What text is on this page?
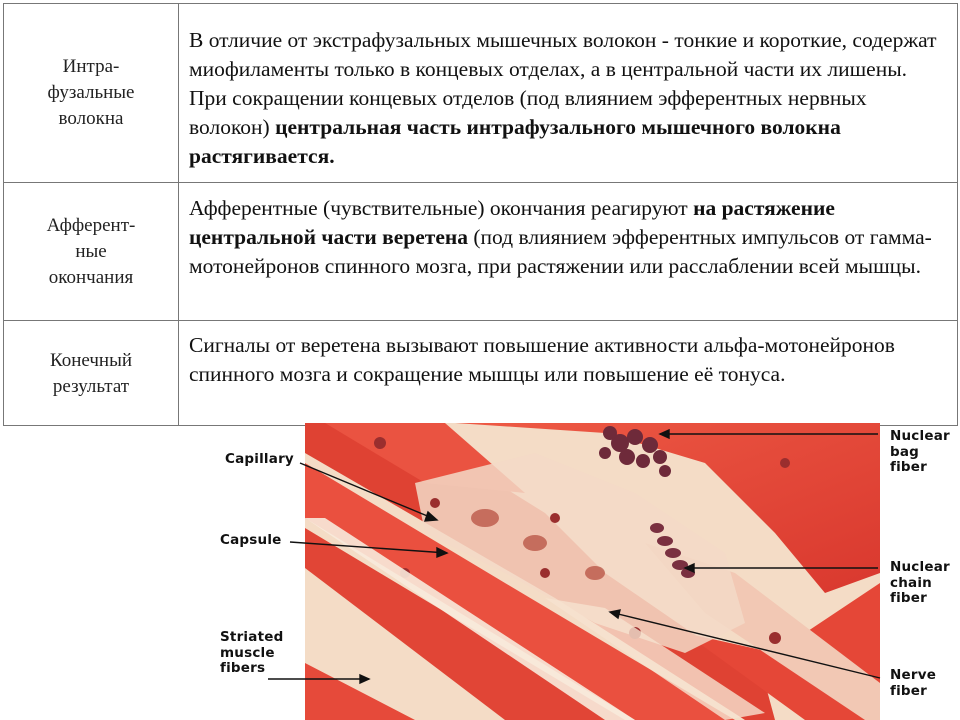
Интра-
фузальные
волокна
В отличие от экстрафузальных мышечных волокон - тонкие и короткие, содержат миофиламенты только в концевых отделах, а в центральной части их лишены. При сокращении концевых отделов (под влиянием эфферентных нервных волокон) центральная часть интрафузального мышечного волокна растягивается.
Афферент-
ные
окончания
Афферентные (чувствительные) окончания реагируют на растяжение центральной части веретена (под влиянием эфферентных импульсов от гамма-мотонейронов спинного мозга, при растяжении или расслаблении всей мышцы.
Конечный
результат
Сигналы от веретена вызывают повышение активности альфа-мотонейронов спинного мозга и сокращение мышцы или повышение её тонуса.
Capillary
Capsule
Striated
muscle
fibers
Nuclear
bag
fiber
Nuclear
chain
fiber
Nerve
fiber
